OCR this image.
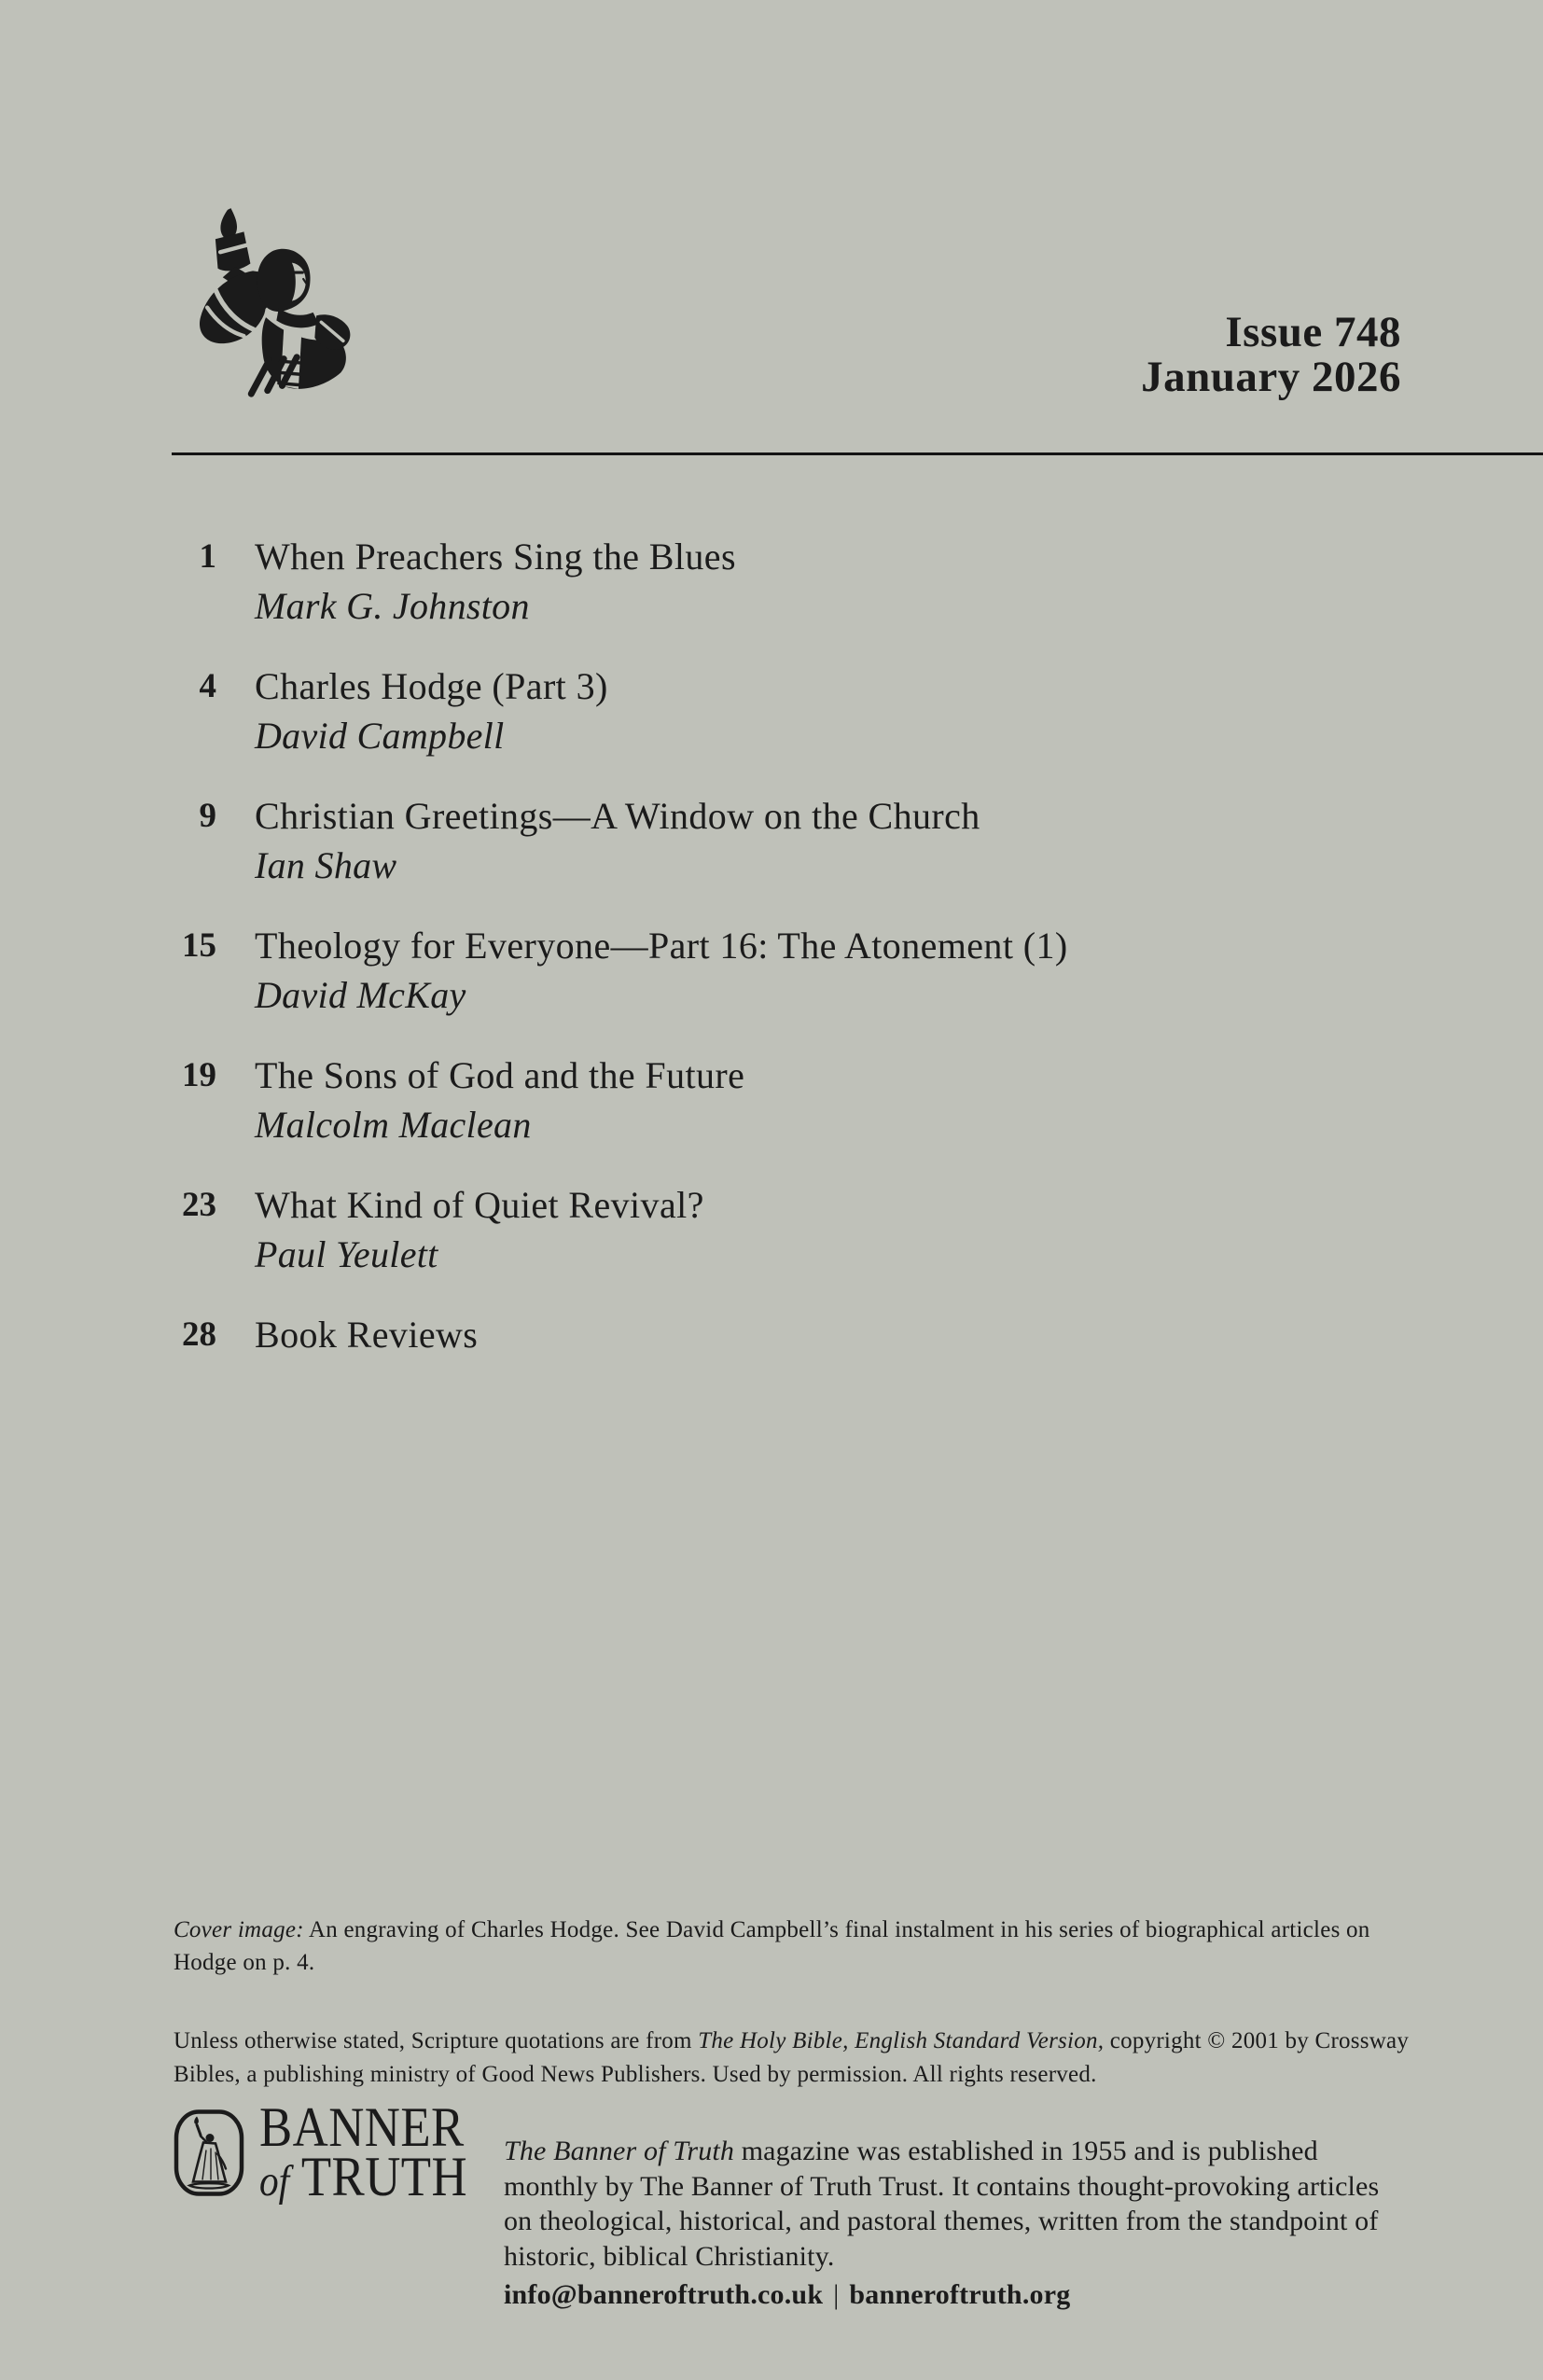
Issue 748
January 2026
1 When Preachers Sing the Blues
Mark G. Johnston
4 Charles Hodge (Part 3)
David Campbell
9 Christian Greetings—A Window on the Church
Ian Shaw
15 Theology for Everyone—Part 16: The Atonement (1)
David McKay
19 The Sons of God and the Future
Malcolm Maclean
23 What Kind of Quiet Revival?
Paul Yeulett
28 Book Reviews

Cover image: An engraving of Charles Hodge. See David Campbell’s final instalment in his series of biographical articles on Hodge on p. 4.

Unless otherwise stated, Scripture quotations are from The Holy Bible, English Standard Version, copyright © 2001 by Crossway Bibles, a publishing ministry of Good News Publishers. Used by permission. All rights reserved.

BANNER
of TRUTH The Banner of Truth magazine was established in 1955 and is published monthly by The Banner of Truth Trust. It contains thought-provoking articles on theological, historical, and pastoral themes, written from the standpoint of historic, biblical Christianity.

info@banneroftruth.co.uk | banneroftruth.org
